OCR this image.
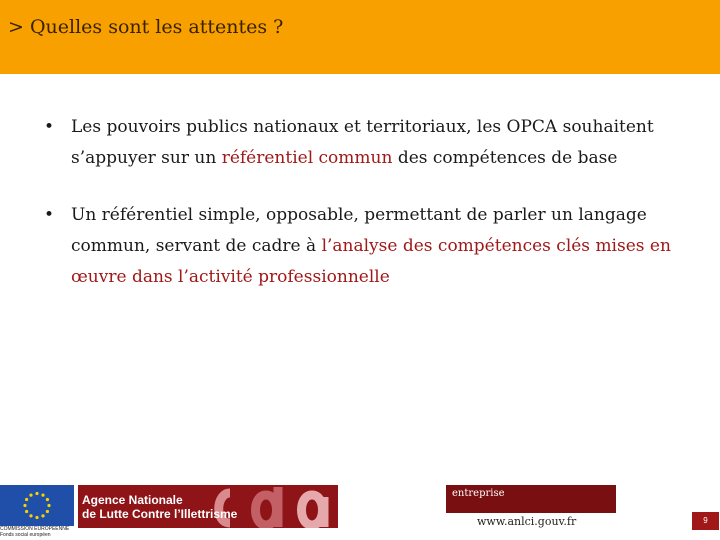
> Quelles sont les attentes ?
• Les pouvoirs publics nationaux et territoriaux, les OPCA souhaitent s’appuyer sur un référentiel commun des compétences de base
• Un référentiel simple, opposable, permettant de parler un langage commun, servant de cadre à l’analyse des compétences clés mises en œuvre dans l’activité professionnelle
COMMISSION EUROPÉENNE
Fonds social européen
Agence Nationale
de Lutte Contre l’Illettrisme
entreprise
www.anlci.gouv.fr	9
